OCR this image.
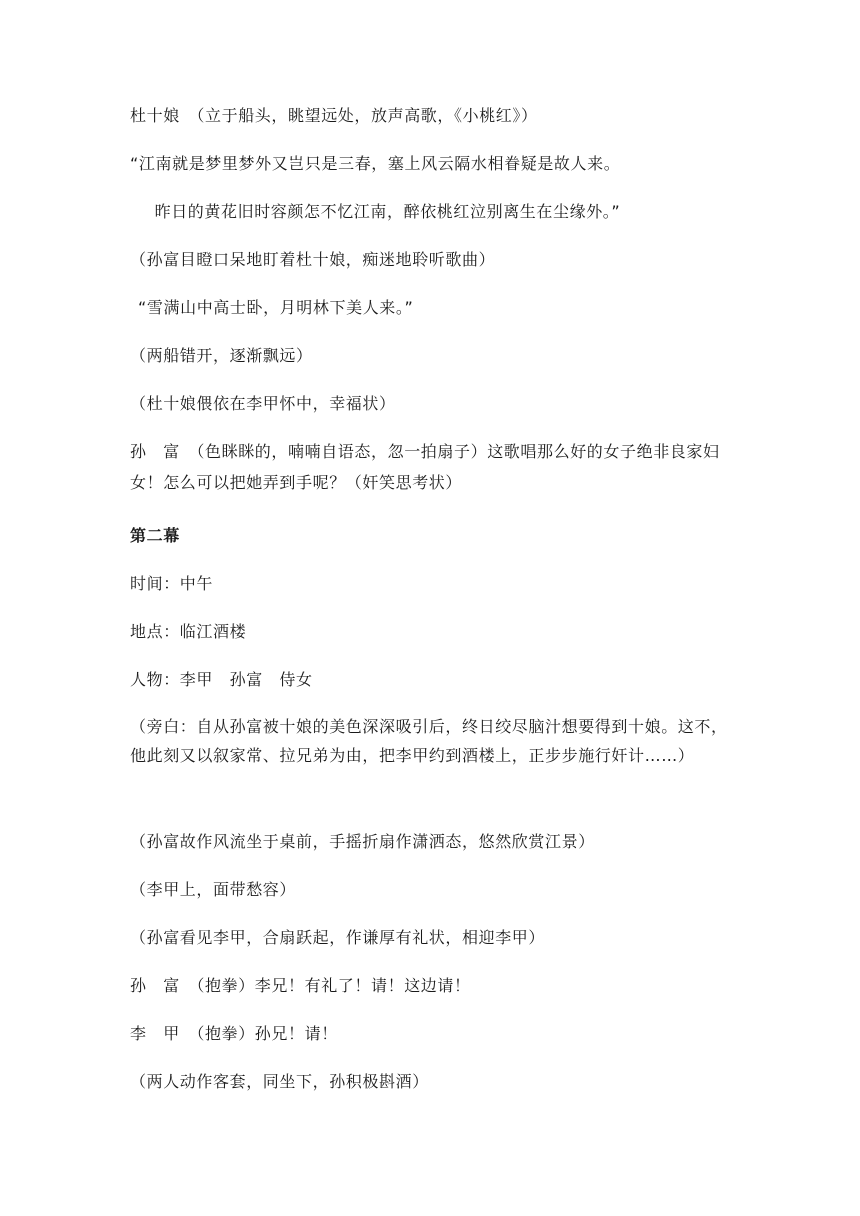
杜十娘　（立于船头，眺望远处，放声高歌，《小桃红》）
“江南就是梦里梦外又岂只是三春，塞上风云隔水相眷疑是故人来。
　昨日的黄花旧时容颜怎不忆江南，醉依桃红泣别离生在尘缘外。”
（孙富目瞪口呆地盯着杜十娘，痴迷地聆听歌曲）
“雪满山中高士卧，月明林下美人来。”
（两船错开，逐渐飘远）
（杜十娘偎依在李甲怀中，幸福状）
孙　富　（色眯眯的，喃喃自语态，忽一拍扇子）这歌唱那么好的女子绝非良家妇女！怎么可以把她弄到手呢？（奸笑思考状）
第二幕
时间：中午
地点：临江酒楼
人物：李甲　孙富　侍女
（旁白：自从孙富被十娘的美色深深吸引后，终日绞尽脑汁想要得到十娘。这不，他此刻又以叙家常、拉兄弟为由，把李甲约到酒楼上，正步步施行奸计……）
（孙富故作风流坐于桌前，手摇折扇作潇洒态，悠然欣赏江景）
（李甲上，面带愁容）
（孙富看见李甲，合扇跃起，作谦厚有礼状，相迎李甲）
孙　富　（抱拳）李兄！有礼了！请！这边请！
李　甲　（抱拳）孙兄！请！
（两人动作客套，同坐下，孙积极斟酒）
